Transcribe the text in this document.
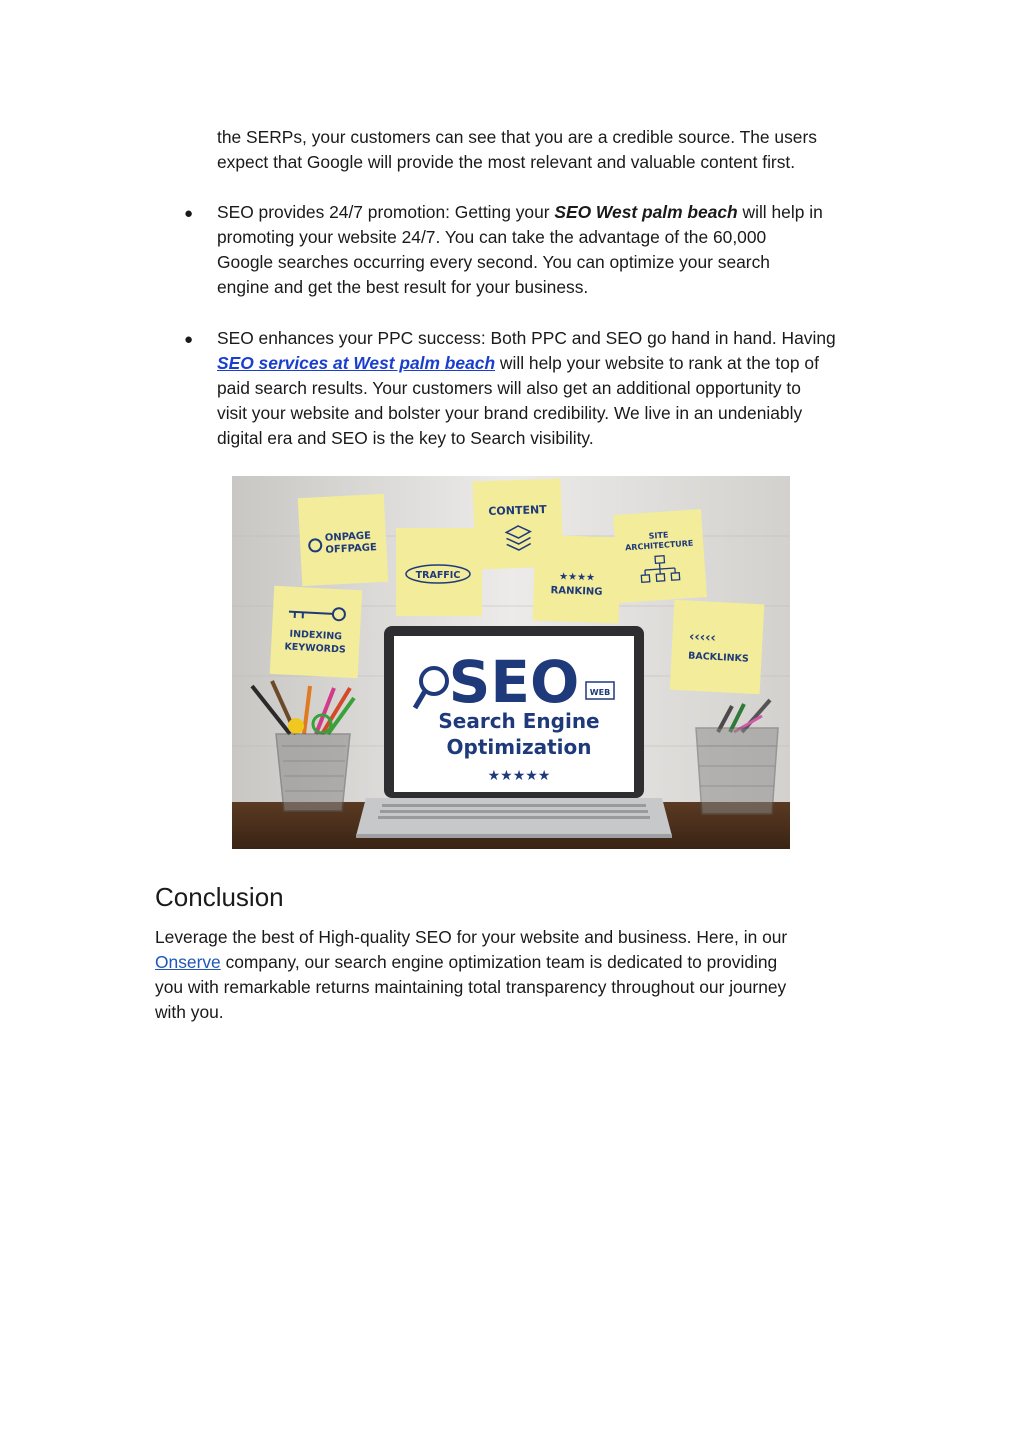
the SERPs, your customers can see that you are a credible source. The users
expect that Google will provide the most relevant and valuable content first.
● SEO provides 24/7 promotion: Getting your SEO West palm beach will help in
promoting your website 24/7. You can take the advantage of the 60,000
Google searches occurring every second. You can optimize your search
engine and get the best result for your business.
● SEO enhances your PPC success: Both PPC and SEO go hand in hand. Having
SEO services at West palm beach will help your website to rank at the top of
paid search results. Your customers will also get an additional opportunity to
visit your website and bolster your brand credibility. We live in an undeniably
digital era and SEO is the key to Search visibility.
ONPAGE
OFFPAGE
CONTENT
TRAFFIC	★★★★
RANKING
SITE
ARCHITECTURE
INDEXING
KEYWORDS
‹‹‹‹‹
BACKLINKS
SEO WEB
Search Engine
Optimization
★★★★★
Conclusion
Leverage the best of High-quality SEO for your website and business. Here, in our
Onserve company, our search engine optimization team is dedicated to providing
you with remarkable returns maintaining total transparency throughout our journey
with you.
